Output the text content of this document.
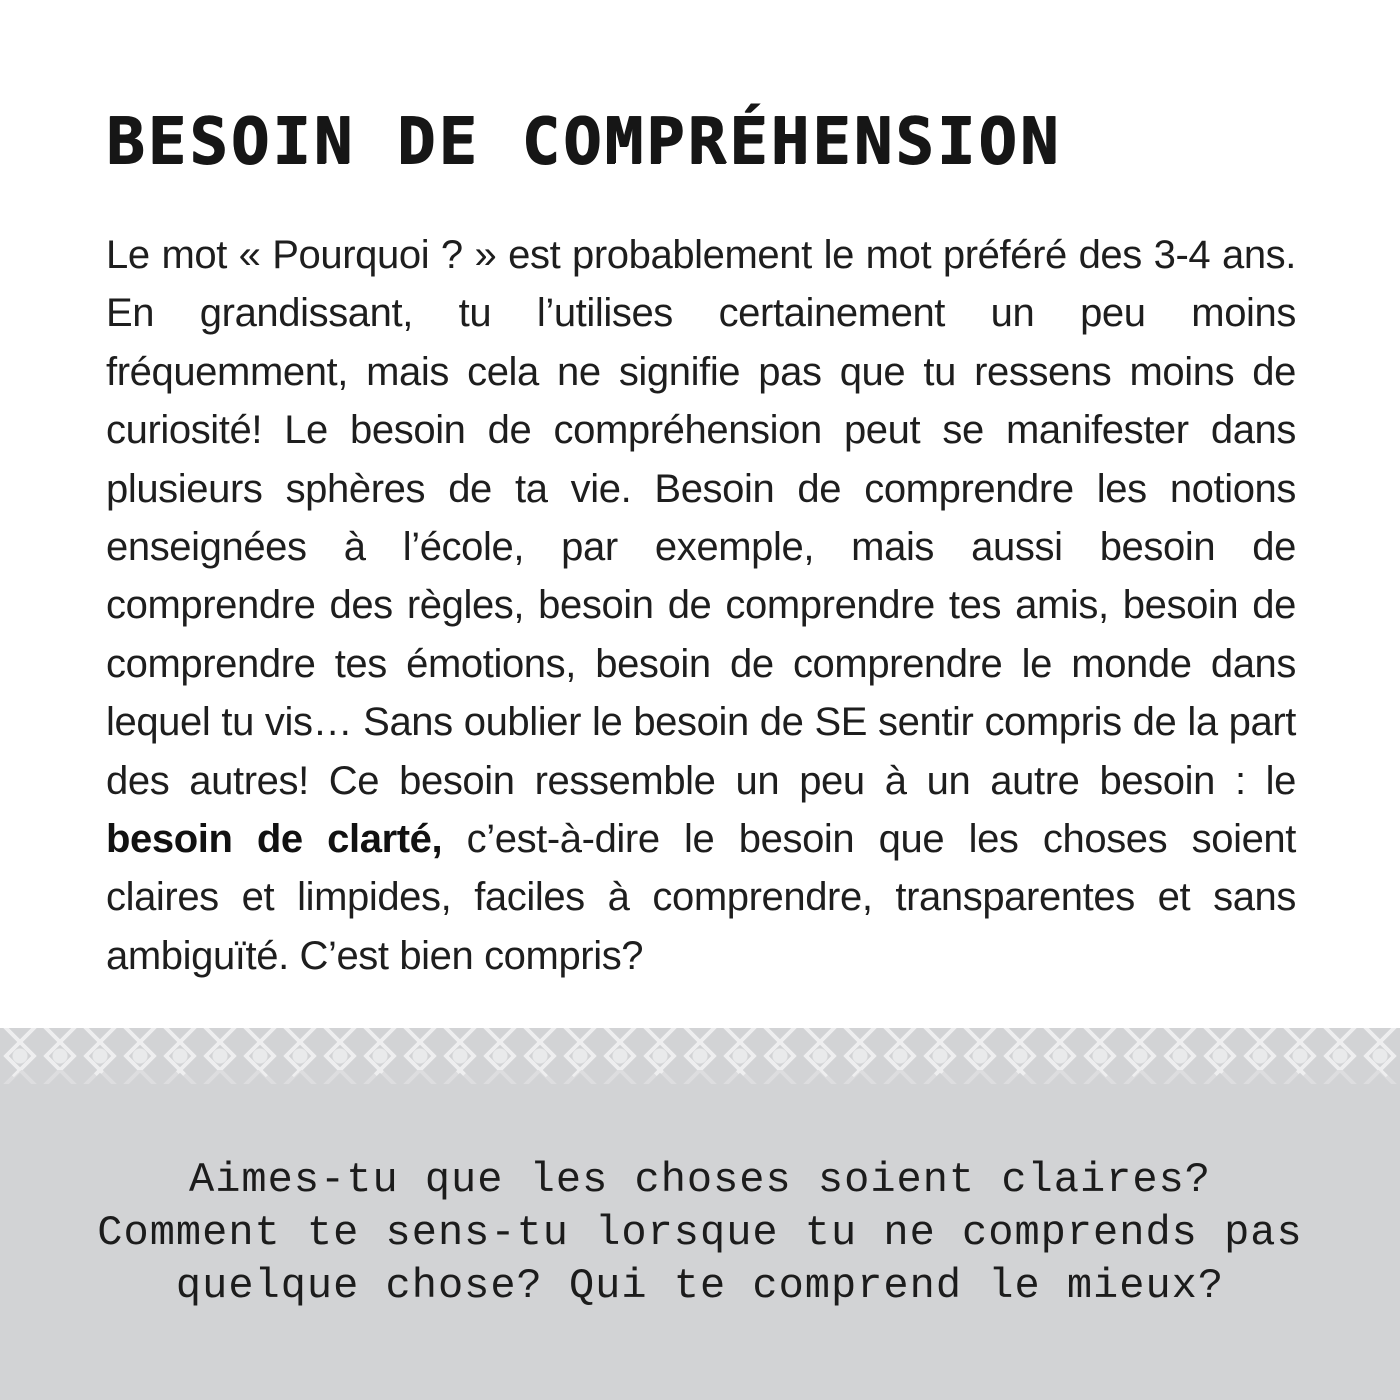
BESOIN DE COMPRÉHENSION

Le mot « Pourquoi ? » est probablement le mot préféré des 3-4 ans. En grandissant, tu l’utilises certainement un peu moins fréquemment, mais cela ne signifie pas que tu ressens moins de curiosité! Le besoin de compréhension peut se manifester dans plusieurs sphères de ta vie. Besoin de comprendre les notions enseignées à l’école, par exemple, mais aussi besoin de comprendre des règles, besoin de comprendre tes amis, besoin de comprendre tes émotions, besoin de comprendre le monde dans lequel tu vis… Sans oublier le besoin de SE sentir compris de la part des autres! Ce besoin ressemble un peu à un autre besoin : le besoin de clarté, c’est-à-dire le besoin que les choses soient claires et limpides, faciles à comprendre, transparentes et sans ambiguïté. C’est bien compris?

Aimes-tu que les choses soient claires?
Comment te sens-tu lorsque tu ne comprends pas
quelque chose? Qui te comprend le mieux?
